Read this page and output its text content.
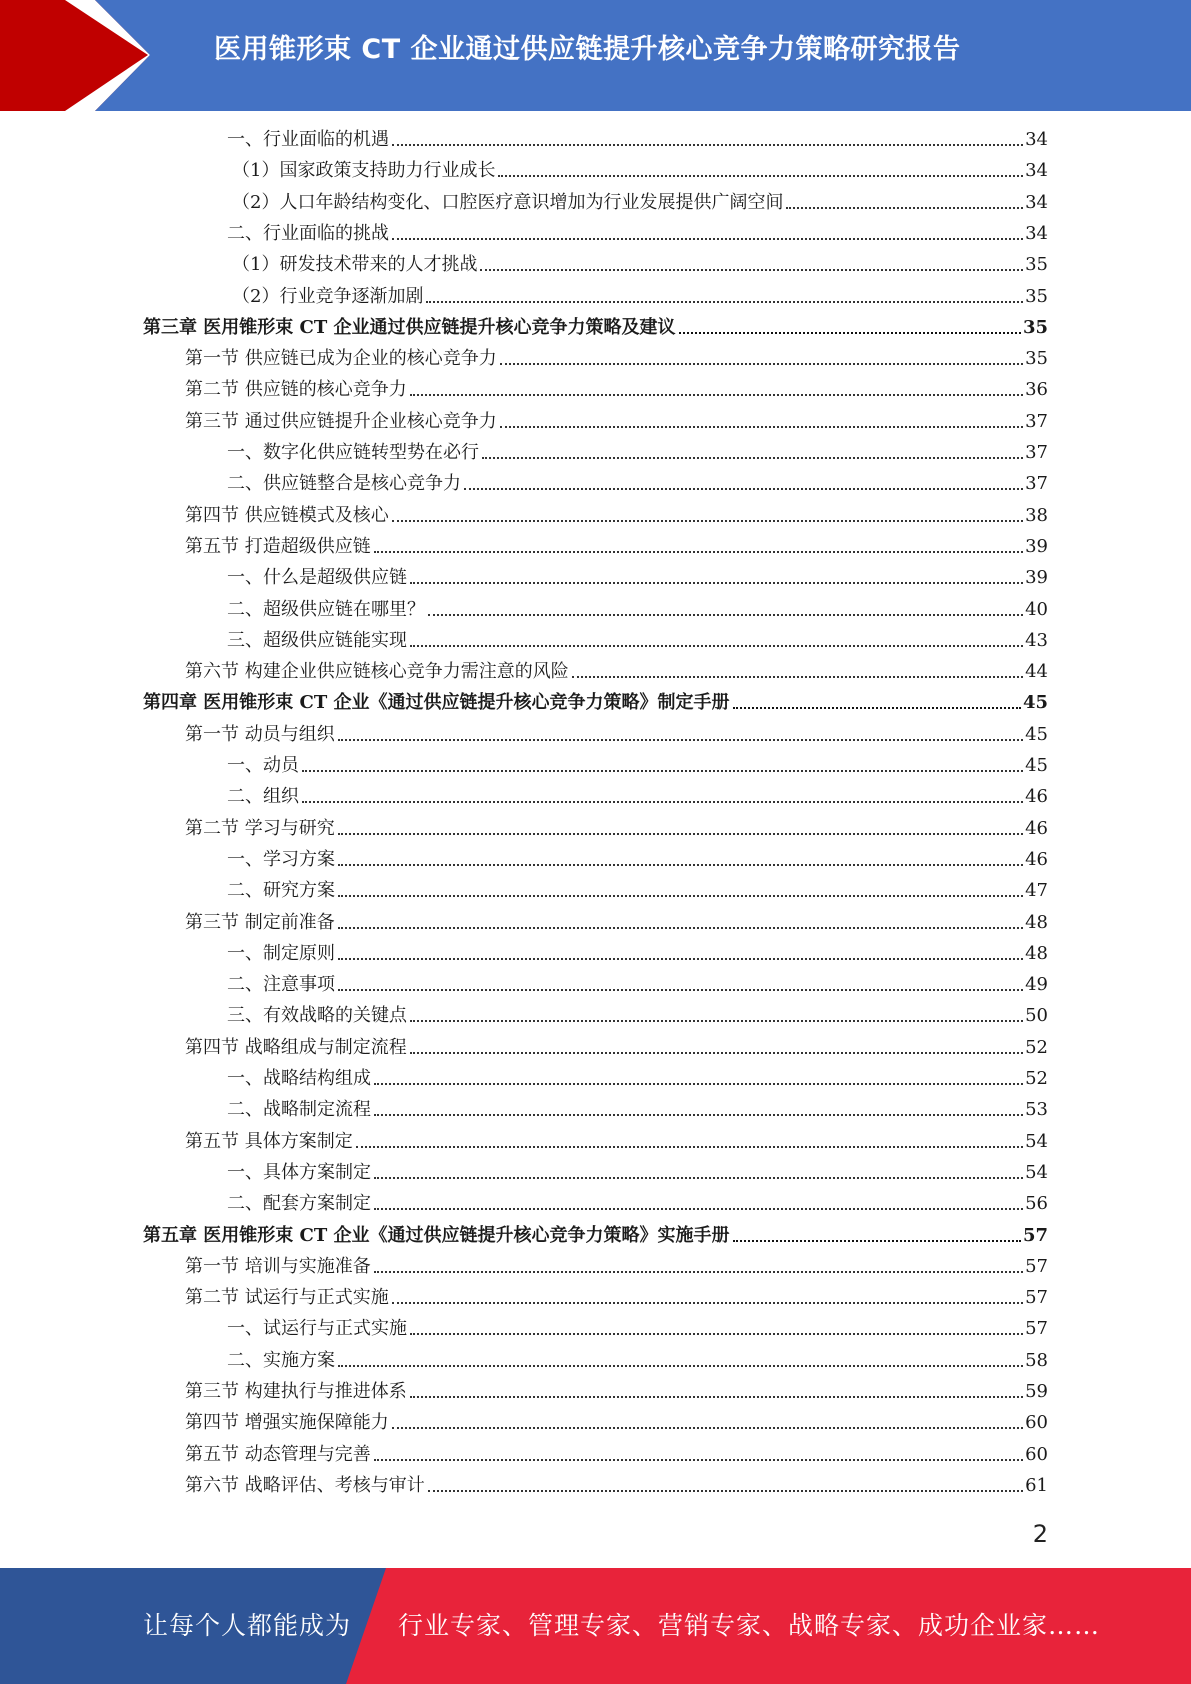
医用锥形束 CT 企业通过供应链提升核心竞争力策略研究报告
一、行业面临的机遇	34
（1）国家政策支持助力行业成长	34
（2）人口年龄结构变化、口腔医疗意识增加为行业发展提供广阔空间	34
二、行业面临的挑战	34
（1）研发技术带来的人才挑战	35
（2）行业竞争逐渐加剧	35
第三章 医用锥形束 CT 企业通过供应链提升核心竞争力策略及建议	35
第一节 供应链已成为企业的核心竞争力	35
第二节 供应链的核心竞争力	36
第三节 通过供应链提升企业核心竞争力	37
一、数字化供应链转型势在必行	37
二、供应链整合是核心竞争力	37
第四节 供应链模式及核心	38
第五节 打造超级供应链	39
一、什么是超级供应链	39
二、超级供应链在哪里？	40
三、超级供应链能实现	43
第六节 构建企业供应链核心竞争力需注意的风险	44
第四章 医用锥形束 CT 企业《通过供应链提升核心竞争力策略》制定手册	45
第一节 动员与组织	45
一、动员	45
二、组织	46
第二节 学习与研究	46
一、学习方案	46
二、研究方案	47
第三节 制定前准备	48
一、制定原则	48
二、注意事项	49
三、有效战略的关键点	50
第四节 战略组成与制定流程	52
一、战略结构组成	52
二、战略制定流程	53
第五节 具体方案制定	54
一、具体方案制定	54
二、配套方案制定	56
第五章 医用锥形束 CT 企业《通过供应链提升核心竞争力策略》实施手册	57
第一节 培训与实施准备	57
第二节 试运行与正式实施	57
一、试运行与正式实施	57
二、实施方案	58
第三节 构建执行与推进体系	59
第四节 增强实施保障能力	60
第五节 动态管理与完善	60
第六节 战略评估、考核与审计	61
2
让每个人都能成为 行业专家、管理专家、营销专家、战略专家、成功企业家……
